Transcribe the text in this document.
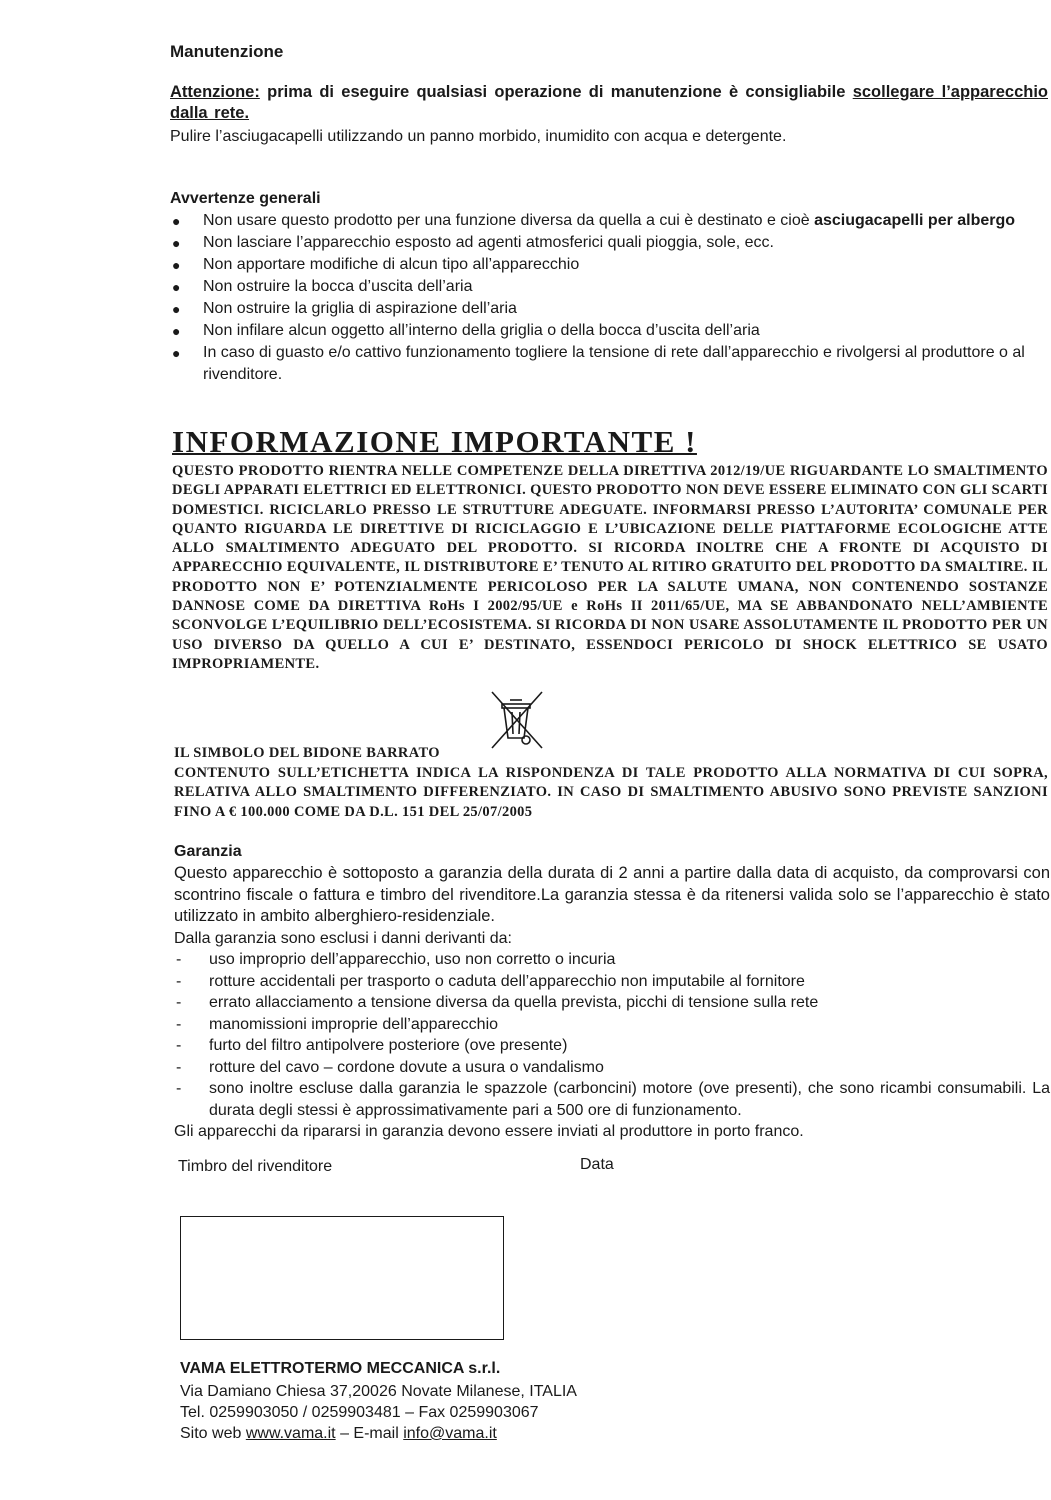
Manutenzione

Attenzione: prima di eseguire qualsiasi operazione di manutenzione è consigliabile scollegare l’apparecchio dalla rete.

Pulire l’asciugacapelli utilizzando un panno morbido, inumidito con acqua e detergente.

Avvertenze generali
● Non usare questo prodotto per una funzione diversa da quella a cui è destinato e cioè asciugacapelli per albergo
● Non lasciare l’apparecchio esposto ad agenti atmosferici quali pioggia, sole, ecc.
● Non apportare modifiche di alcun tipo all’apparecchio
● Non ostruire la bocca d’uscita dell’aria
● Non ostruire la griglia di aspirazione dell’aria
● Non infilare alcun oggetto all’interno della griglia o della bocca d’uscita dell’aria
● In caso di guasto e/o cattivo funzionamento togliere la tensione di rete dall’apparecchio e rivolgersi al produttore o al rivenditore.
INFORMAZIONE IMPORTANTE !

QUESTO PRODOTTO RIENTRA NELLE COMPETENZE DELLA DIRETTIVA 2012/19/UE RIGUARDANTE LO SMALTIMENTO DEGLI APPARATI ELETTRICI ED ELETTRONICI. QUESTO PRODOTTO NON DEVE ESSERE ELIMINATO CON GLI SCARTI DOMESTICI. RICICLARLO PRESSO LE STRUTTURE ADEGUATE. INFORMARSI PRESSO L’AUTORITA’ COMUNALE PER QUANTO RIGUARDA LE DIRETTIVE DI RICICLAGGIO E L’UBICAZIONE DELLE PIATTAFORME ECOLOGICHE ATTE ALLO SMALTIMENTO ADEGUATO DEL PRODOTTO. SI RICORDA INOLTRE CHE A FRONTE DI ACQUISTO DI APPARECCHIO EQUIVALENTE, IL DISTRIBUTORE E’ TENUTO AL RITIRO GRATUITO DEL PRODOTTO DA SMALTIRE. IL PRODOTTO NON E’ POTENZIALMENTE PERICOLOSO PER LA SALUTE UMANA, NON CONTENENDO SOSTANZE DANNOSE COME DA DIRETTIVA RoHs I 2002/95/UE e RoHs II 2011/65/UE, MA SE ABBANDONATO NELL’AMBIENTE SCONVOLGE L’EQUILIBRIO DELL’ECOSISTEMA. SI RICORDA DI NON USARE ASSOLUTAMENTE IL PRODOTTO PER UN USO DIVERSO DA QUELLO A CUI E’ DESTINATO, ESSENDOCI PERICOLO DI SHOCK ELETTRICO SE USATO IMPROPRIAMENTE.

IL SIMBOLO DEL BIDONE BARRATO

CONTENUTO SULL’ETICHETTA INDICA LA RISPONDENZA DI TALE PRODOTTO ALLA NORMATIVA DI CUI SOPRA, RELATIVA ALLO SMALTIMENTO DIFFERENZIATO. IN CASO DI SMALTIMENTO ABUSIVO SONO PREVISTE SANZIONI FINO A € 100.000 COME DA D.L. 151 DEL 25/07/2005

Garanzia

Questo apparecchio è sottoposto a garanzia della durata di 2 anni a partire dalla data di acquisto, da comprovarsi con scontrino fiscale o fattura e timbro del rivenditore.La garanzia stessa è da ritenersi valida solo se l’apparecchio è stato utilizzato in ambito alberghiero-residenziale.

Dalla garanzia sono esclusi i danni derivanti da:

- uso improprio dell’apparecchio, uso non corretto o incuria
- rotture accidentali per trasporto o caduta dell’apparecchio non imputabile al fornitore
- errato allacciamento a tensione diversa da quella prevista, picchi di tensione sulla rete
- manomissioni improprie dell’apparecchio
- furto del filtro antipolvere posteriore (ove presente)
- rotture del cavo – cordone dovute a usura o vandalismo
- sono inoltre escluse dalla garanzia le spazzole (carboncini) motore (ove presenti), che sono ricambi consumabili. La durata degli stessi è approssimativamente pari a 500 ore di funzionamento.

Gli apparecchi da ripararsi in garanzia devono essere inviati al produttore in porto franco.

Timbro del rivenditore	Data
VAMA ELETTROTERMO MECCANICA s.r.l.
Via Damiano Chiesa 37,20026 Novate Milanese, ITALIA
Tel. 0259903050 / 0259903481 – Fax 0259903067
Sito web www.vama.it – E-mail info@vama.it
